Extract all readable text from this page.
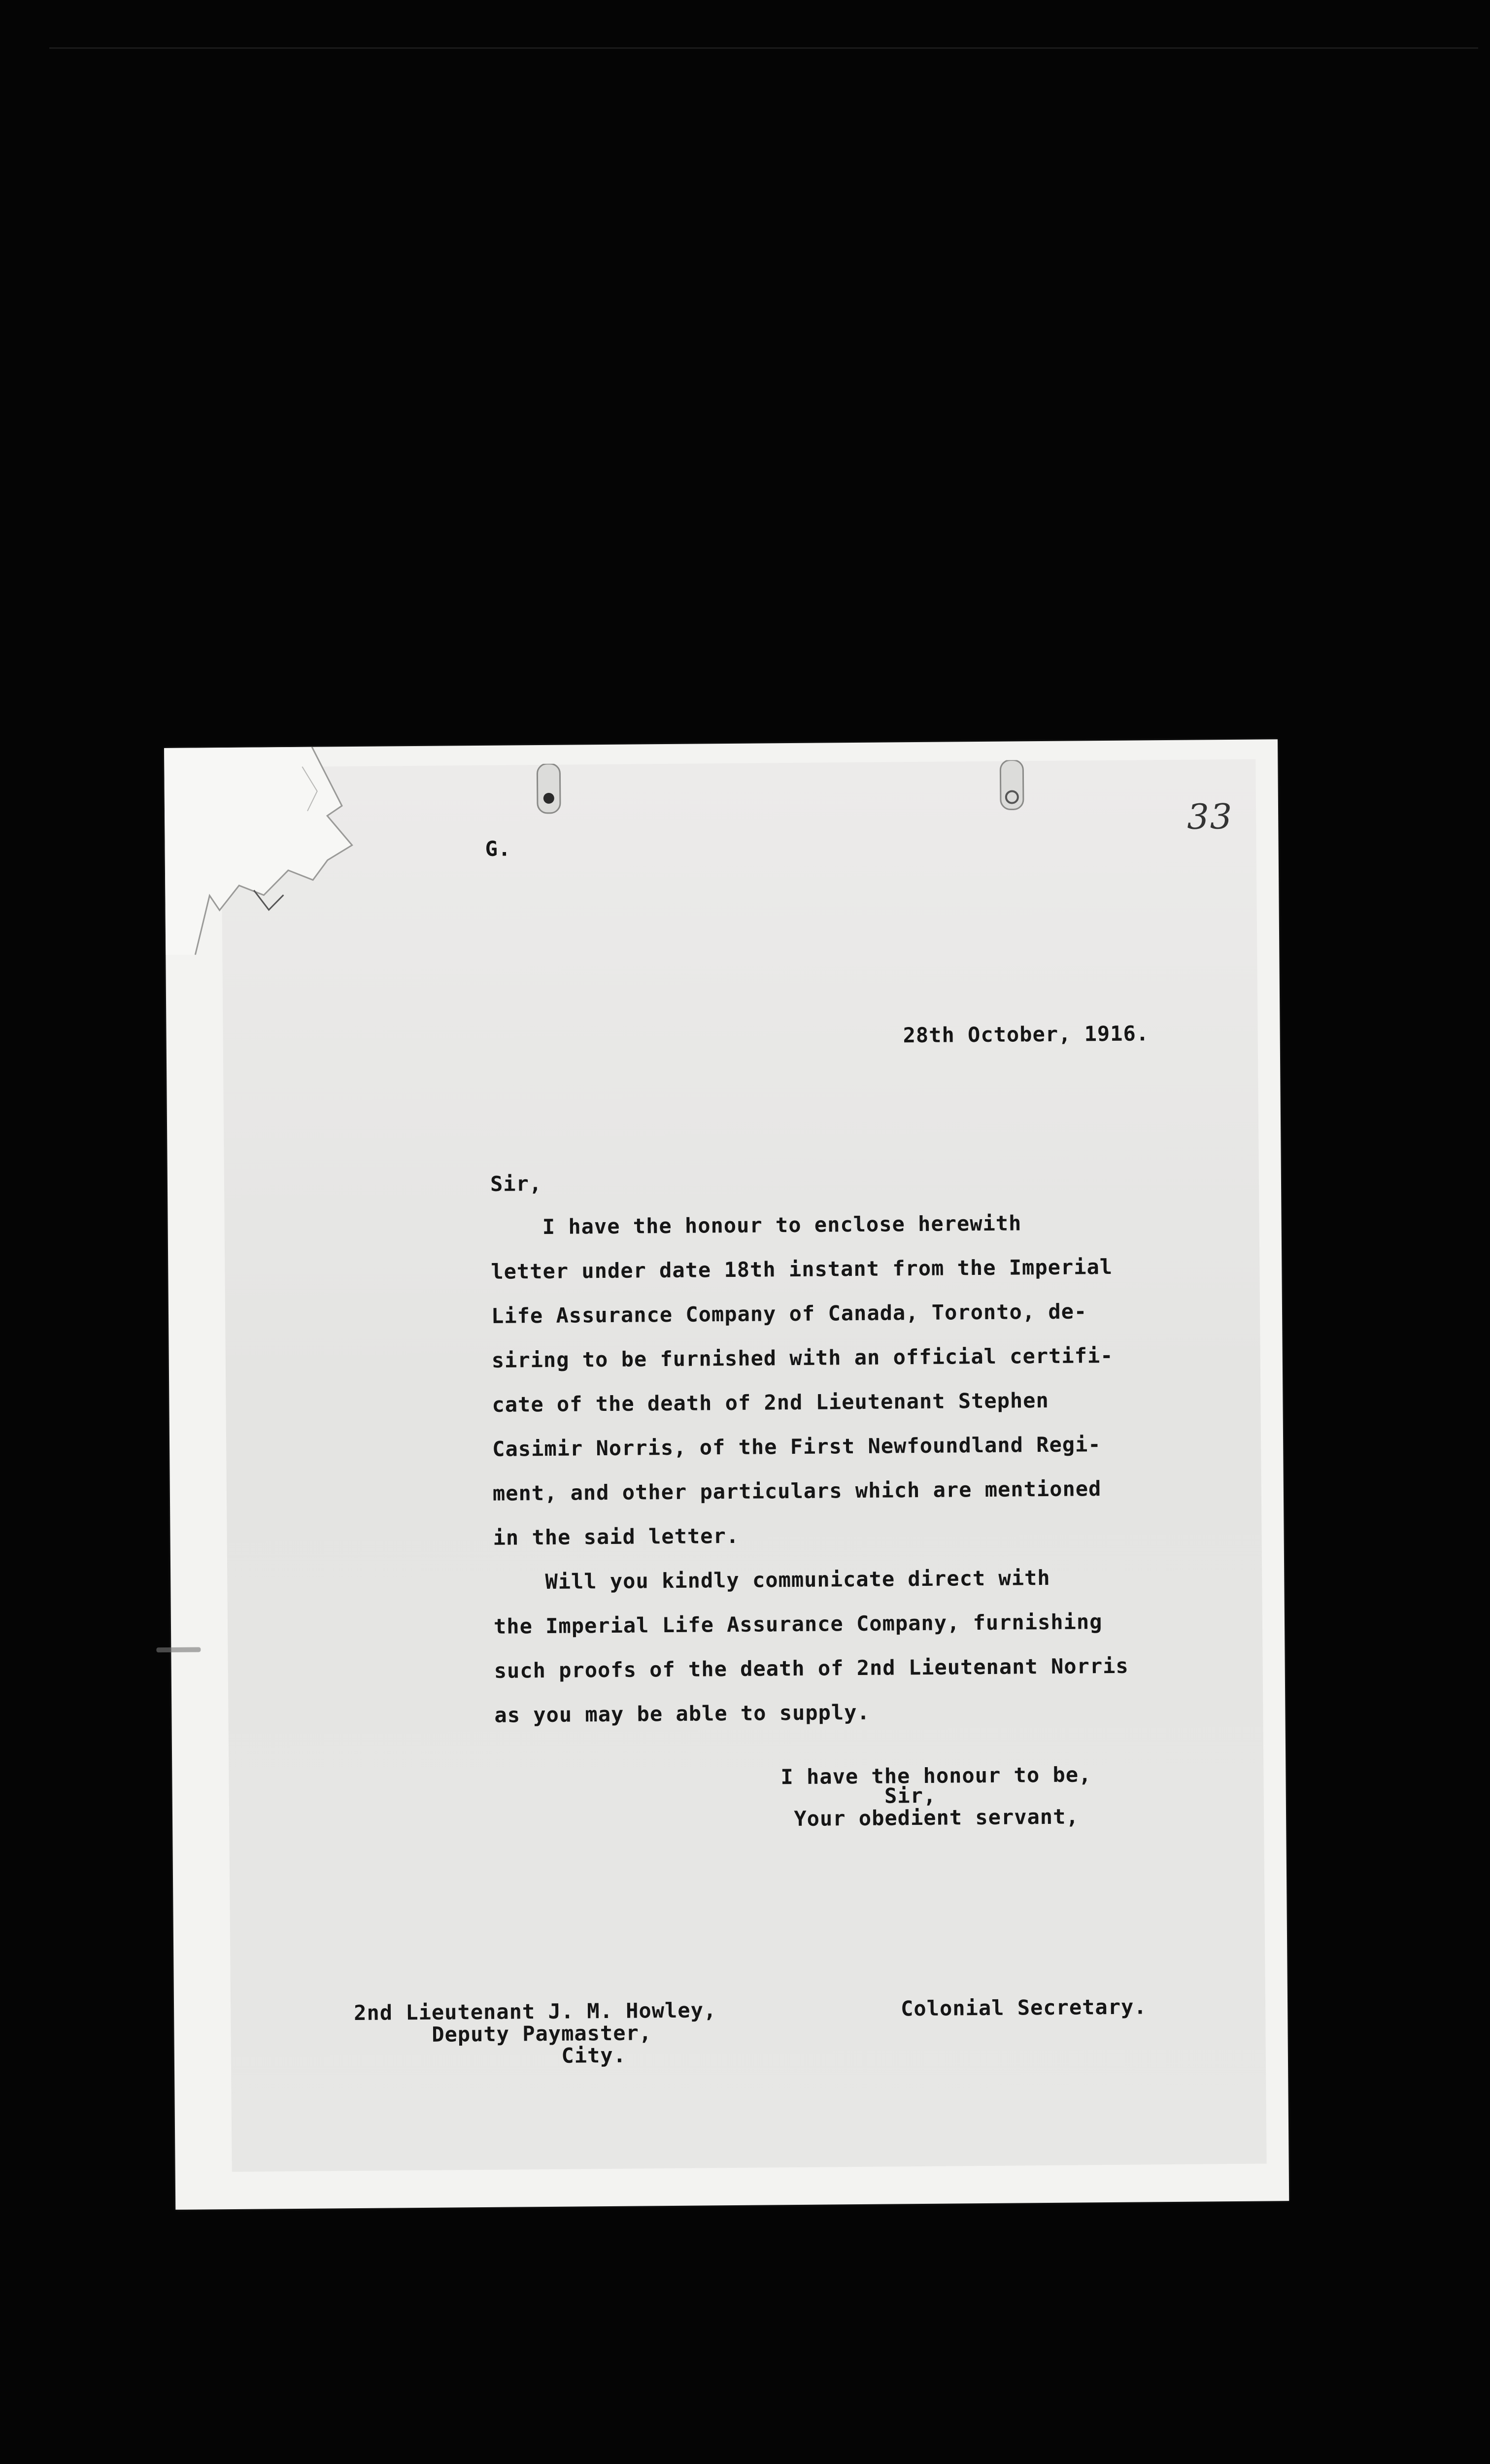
33
G.
28th October, 1916.
Sir,
I have the honour to enclose herewith
letter under date 18th instant from the Imperial
Life Assurance Company of Canada, Toronto, de-
siring to be furnished with an official certifi-
cate of the death of 2nd Lieutenant Stephen
Casimir Norris, of the First Newfoundland Regi-
ment, and other particulars which are mentioned
in the said letter.
Will you kindly communicate direct with
the Imperial Life Assurance Company, furnishing
such proofs of the death of 2nd Lieutenant Norris
as you may be able to supply.
I have the honour to be,
Sir,
Your obedient servant,
2nd Lieutenant J. M. Howley,
Deputy Paymaster,
City.
Colonial Secretary.
